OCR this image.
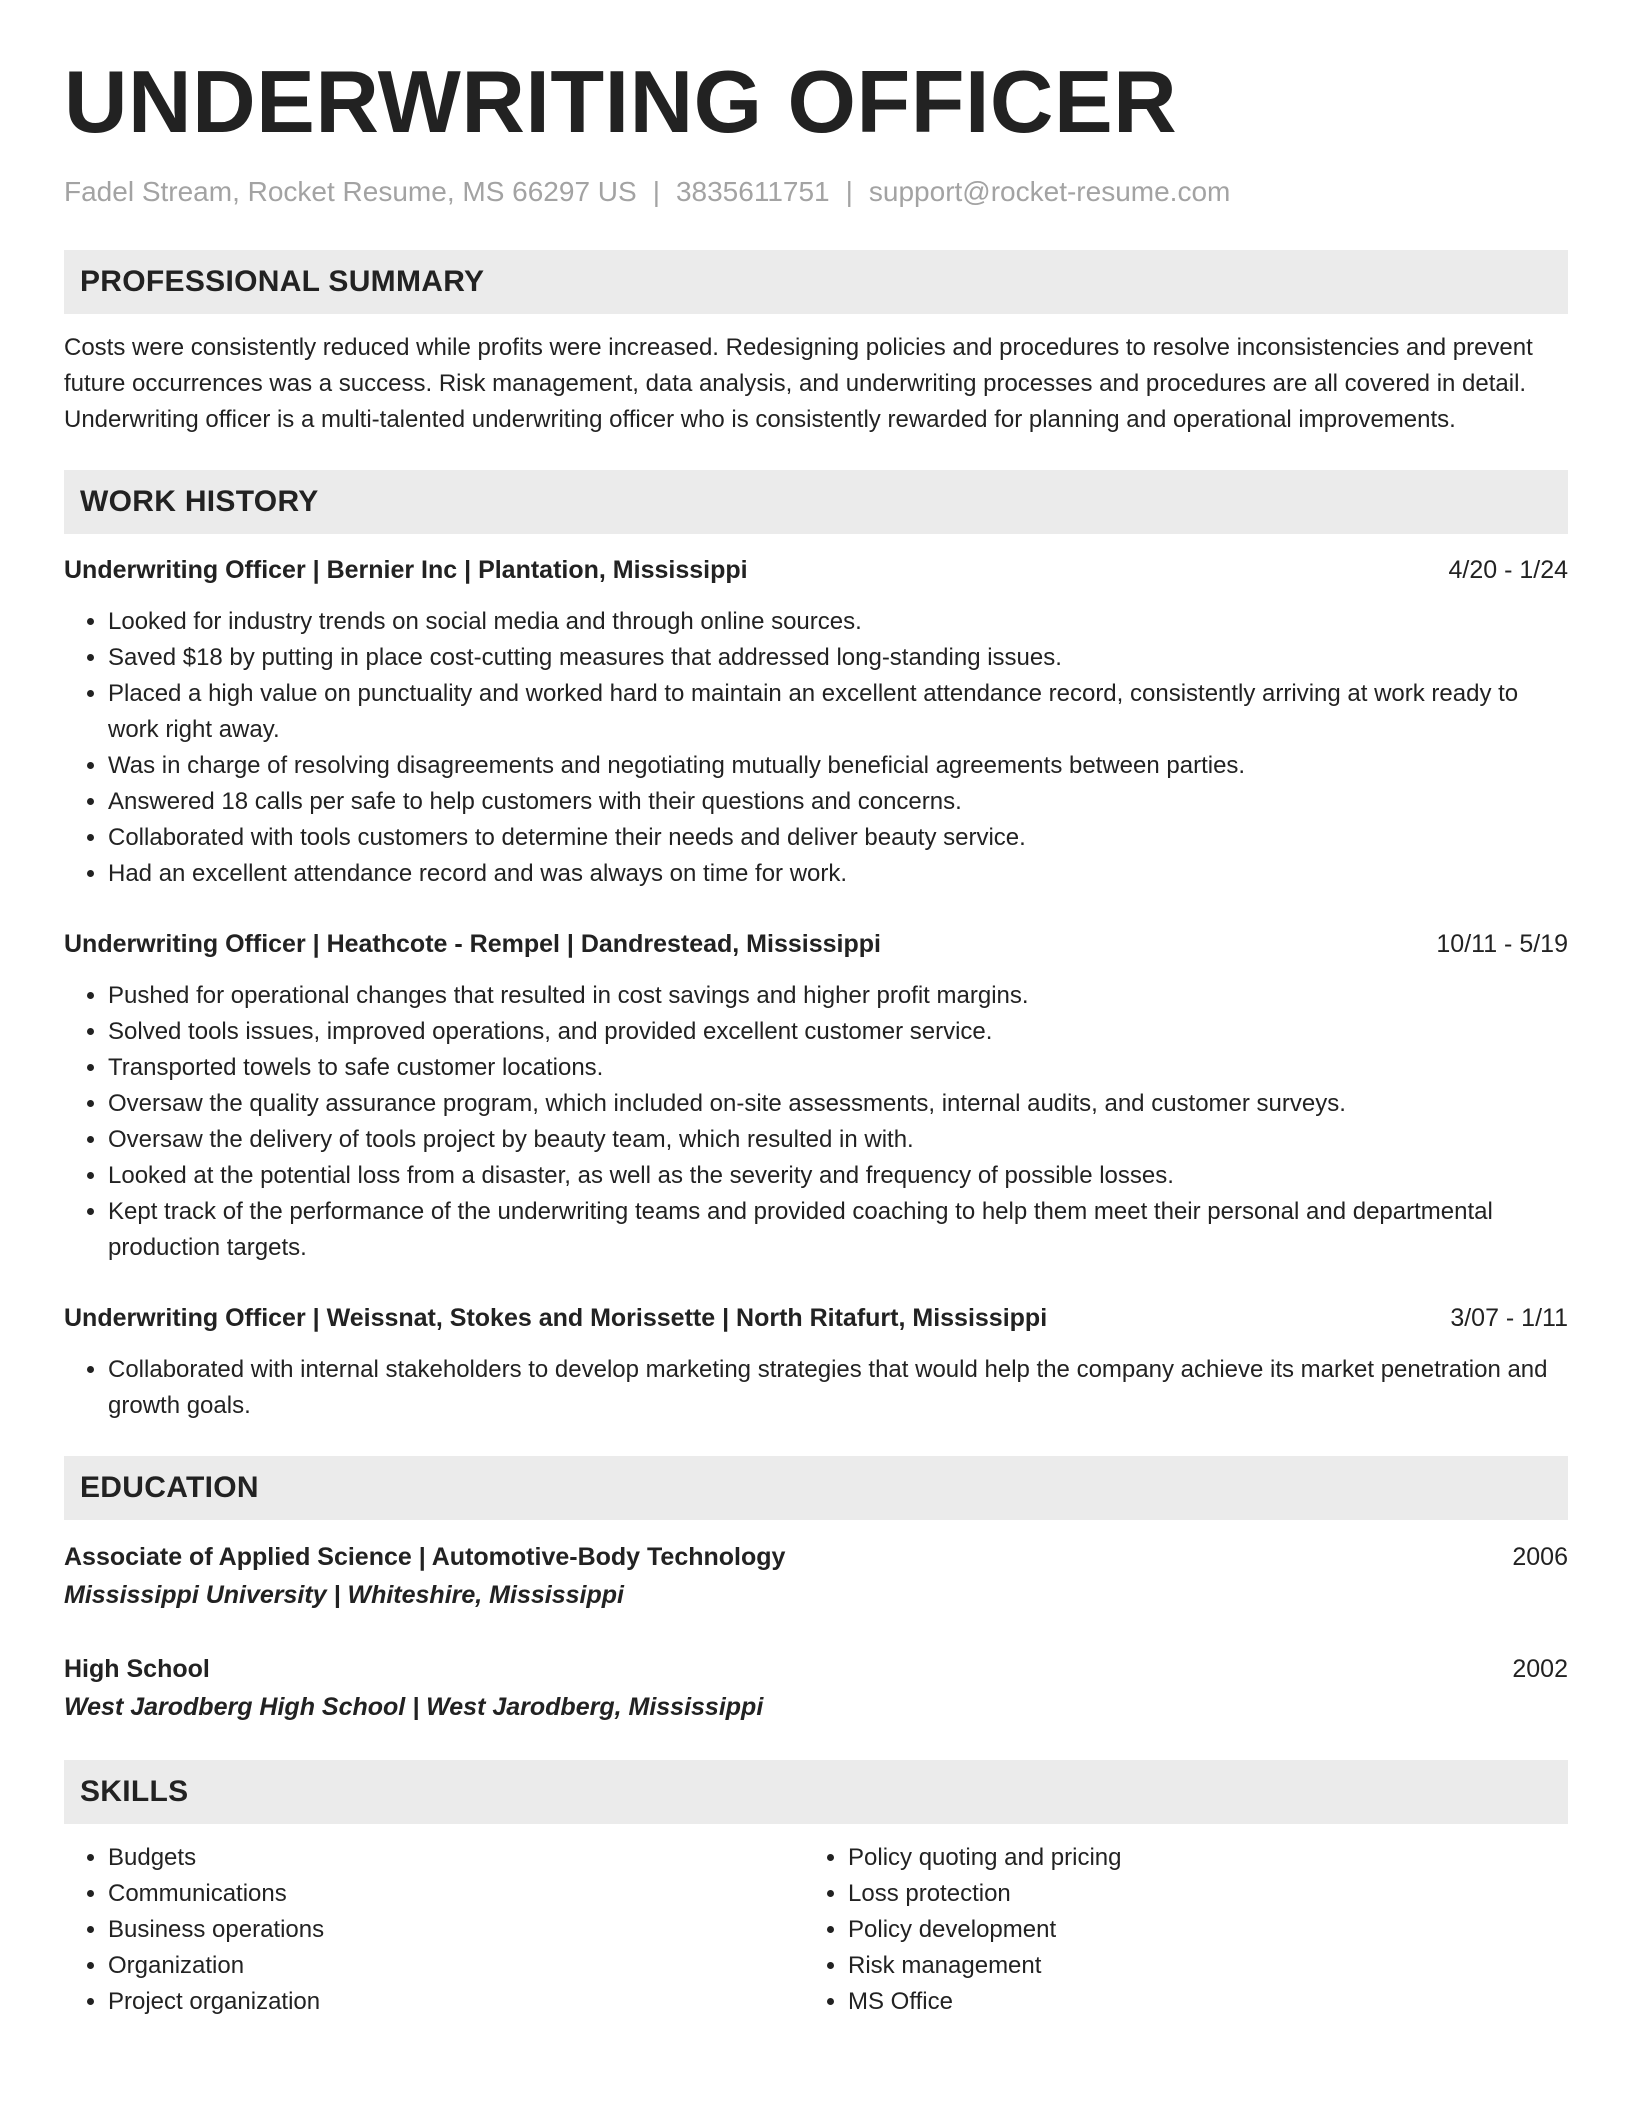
UNDERWRITING OFFICER
Fadel Stream, Rocket Resume, MS 66297 US | 3835611751 | support@rocket-resume.com
PROFESSIONAL SUMMARY

Costs were consistently reduced while profits were increased. Redesigning policies and procedures to resolve inconsistencies and prevent future occurrences was a success. Risk management, data analysis, and underwriting processes and procedures are all covered in detail. Underwriting officer is a multi-talented underwriting officer who is consistently rewarded for planning and operational improvements.

WORK HISTORY
Underwriting Officer | Bernier Inc | Plantation, Mississippi	4/20 - 1/24
• Looked for industry trends on social media and through online sources.
• Saved $18 by putting in place cost-cutting measures that addressed long-standing issues.
• Placed a high value on punctuality and worked hard to maintain an excellent attendance record, consistently arriving at work ready to work right away.
• Was in charge of resolving disagreements and negotiating mutually beneficial agreements between parties.
• Answered 18 calls per safe to help customers with their questions and concerns.
• Collaborated with tools customers to determine their needs and deliver beauty service.
• Had an excellent attendance record and was always on time for work.
Underwriting Officer | Heathcote - Rempel | Dandrestead, Mississippi	10/11 - 5/19
• Pushed for operational changes that resulted in cost savings and higher profit margins.
• Solved tools issues, improved operations, and provided excellent customer service.
• Transported towels to safe customer locations.
• Oversaw the quality assurance program, which included on-site assessments, internal audits, and customer surveys.
• Oversaw the delivery of tools project by beauty team, which resulted in with.
• Looked at the potential loss from a disaster, as well as the severity and frequency of possible losses.
• Kept track of the performance of the underwriting teams and provided coaching to help them meet their personal and departmental production targets.
Underwriting Officer | Weissnat, Stokes and Morissette | North Ritafurt, Mississippi	3/07 - 1/11
• Collaborated with internal stakeholders to develop marketing strategies that would help the company achieve its market penetration and growth goals.
EDUCATION
Associate of Applied Science | Automotive-Body Technology	2006
Mississippi University | Whiteshire, Mississippi
High School	2002
West Jarodberg High School | West Jarodberg, Mississippi
SKILLS
• Budgets
• Communications
• Business operations
• Organization
• Project organization
• Policy quoting and pricing
• Loss protection
• Policy development
• Risk management
• MS Office
